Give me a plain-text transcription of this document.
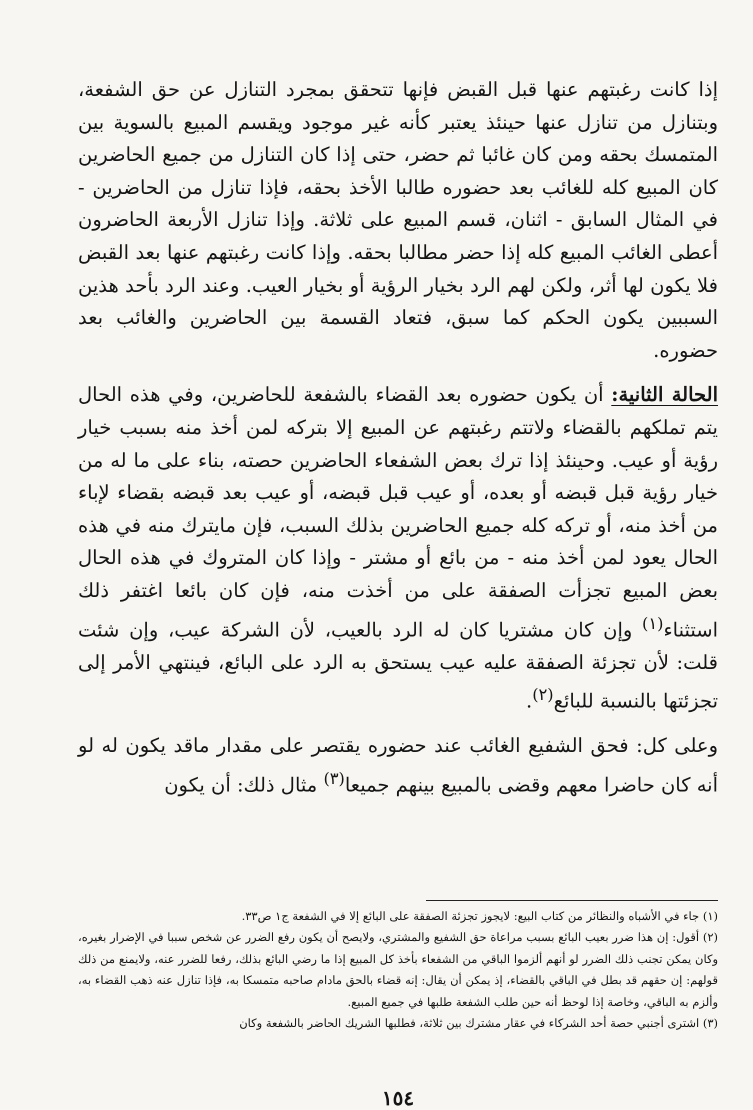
إذا كانت رغبتهم عنها قبل القبض فإنها تتحقق بمجرد التنازل عن حق الشفعة، وبتنازل من تنازل عنها حينئذ يعتبر كأنه غير موجود ويقسم المبيع بالسوية بين المتمسك بحقه ومن كان غائبا ثم حضر، حتى إذا كان التنازل من جميع الحاضرين كان المبيع كله للغائب بعد حضوره طالبا الأخذ بحقه، فإذا تنازل من الحاضرين - في المثال السابق - اثنان، قسم المبيع على ثلاثة. وإذا تنازل الأربعة الحاضرون أعطى الغائب المبيع كله إذا حضر مطالبا بحقه. وإذا كانت رغبتهم عنها بعد القبض فلا يكون لها أثر، ولكن لهم الرد بخيار الرؤية أو بخيار العيب. وعند الرد بأحد هذين السببين يكون الحكم كما سبق، فتعاد القسمة بين الحاضرين والغائب بعد حضوره.

الحالة الثانية: أن يكون حضوره بعد القضاء بالشفعة للحاضرين، وفي هذه الحال يتم تملكهم بالقضاء ولاتتم رغبتهم عن المبيع إلا بتركه لمن أخذ منه بسبب خيار رؤية أو عيب. وحينئذ إذا ترك بعض الشفعاء الحاضرين حصته، بناء على ما له من خيار رؤية قبل قبضه أو بعده، أو عيب قبل قبضه، أو عيب بعد قبضه بقضاء لإباء من أخذ منه، أو تركه كله جميع الحاضرين بذلك السبب، فإن مايترك منه في هذه الحال يعود لمن أخذ منه - من بائع أو مشتر - وإذا كان المتروك في هذه الحال بعض المبيع تجزأت الصفقة على من أخذت منه، فإن كان بائعا اغتفر ذلك استثناء$^{(١)}$ وإن كان مشتريا كان له الرد بالعيب، لأن الشركة عيب، وإن شئت قلت: لأن تجزئة الصفقة عليه عيب يستحق به الرد على البائع، فينتهي الأمر إلى تجزئتها بالنسبة للبائع$^{(٢)}$.

وعلى كل: فحق الشفيع الغائب عند حضوره يقتصر على مقدار ماقد يكون له لو أنه كان حاضرا معهم وقضى بالمبيع بينهم جميعا$^{(٣)}$ مثال ذلك: أن يكون

(١) جاء في الأشباه والنظائر من كتاب البيع: لايجوز تجزئة الصفقة على البائع إلا في الشفعة ج١ ص٣٣.

(٢) أقول: إن هذا ضرر بعيب البائع بسبب مراعاة حق الشفيع والمشتري، ولايصح أن يكون رفع الضرر عن شخص سببا في الإضرار بغيره، وكان يمكن تجنب ذلك الضرر لو أنهم ألزموا الباقي من الشفعاء بأخذ كل المبيع إذا ما رضي البائع بذلك، رفعا للضرر عنه، ولايمنع من ذلك قولهم: إن حقهم قد بطل في الباقي بالقضاء، إذ يمكن أن يقال: إنه قضاء بالحق مادام صاحبه متمسكا به، فإذا تنازل عنه ذهب القضاء به، وألزم به الباقي، وخاصة إذا لوحظ أنه حين طلب الشفعة طلبها في جميع المبيع.

(٣) اشترى أجنبي حصة أحد الشركاء في عقار مشترك بين ثلاثة، فطلبها الشريك الحاضر بالشفعة وكان

١٥٤
